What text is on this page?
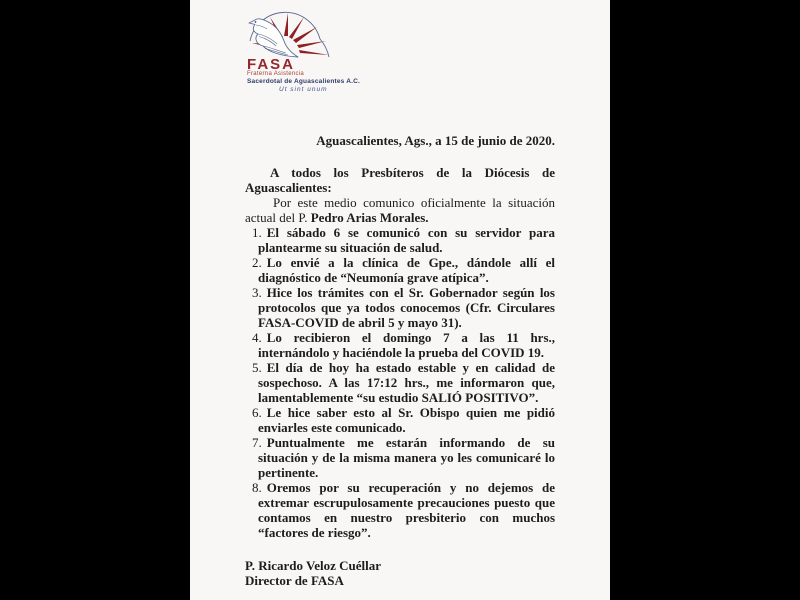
FASA
Fraterna Asistencia
Sacerdotal de Aguascalientes A.C.
Ut sint unum

Aguascalientes, Ags., a 15 de junio de 2020.

A todos los Presbíteros de la Diócesis de Aguascalientes:

Por este medio comunico oficialmente la situación actual del P. Pedro Arias Morales.

1. El sábado 6 se comunicó con su servidor para plantearme su situación de salud.
2. Lo envié a la clínica de Gpe., dándole allí el diagnóstico de “Neumonía grave atípica”.
3. Hice los trámites con el Sr. Gobernador según los protocolos que ya todos conocemos (Cfr. Circulares FASA-COVID de abril 5 y mayo 31).
4. Lo recibieron el domingo 7 a las 11 hrs., internándolo y haciéndole la prueba del COVID 19.
5. El día de hoy ha estado estable y en calidad de sospechoso. A las 17:12 hrs., me informaron que, lamentablemente “su estudio SALIÓ POSITIVO”.
6. Le hice saber esto al Sr. Obispo quien me pidió enviarles este comunicado.
7. Puntualmente me estarán informando de su situación y de la misma manera yo les comunicaré lo pertinente.
8. Oremos por su recuperación y no dejemos de extremar escrupulosamente precauciones puesto que contamos en nuestro presbiterio con muchos “factores de riesgo”.

P. Ricardo Veloz Cuéllar

Director de FASA
